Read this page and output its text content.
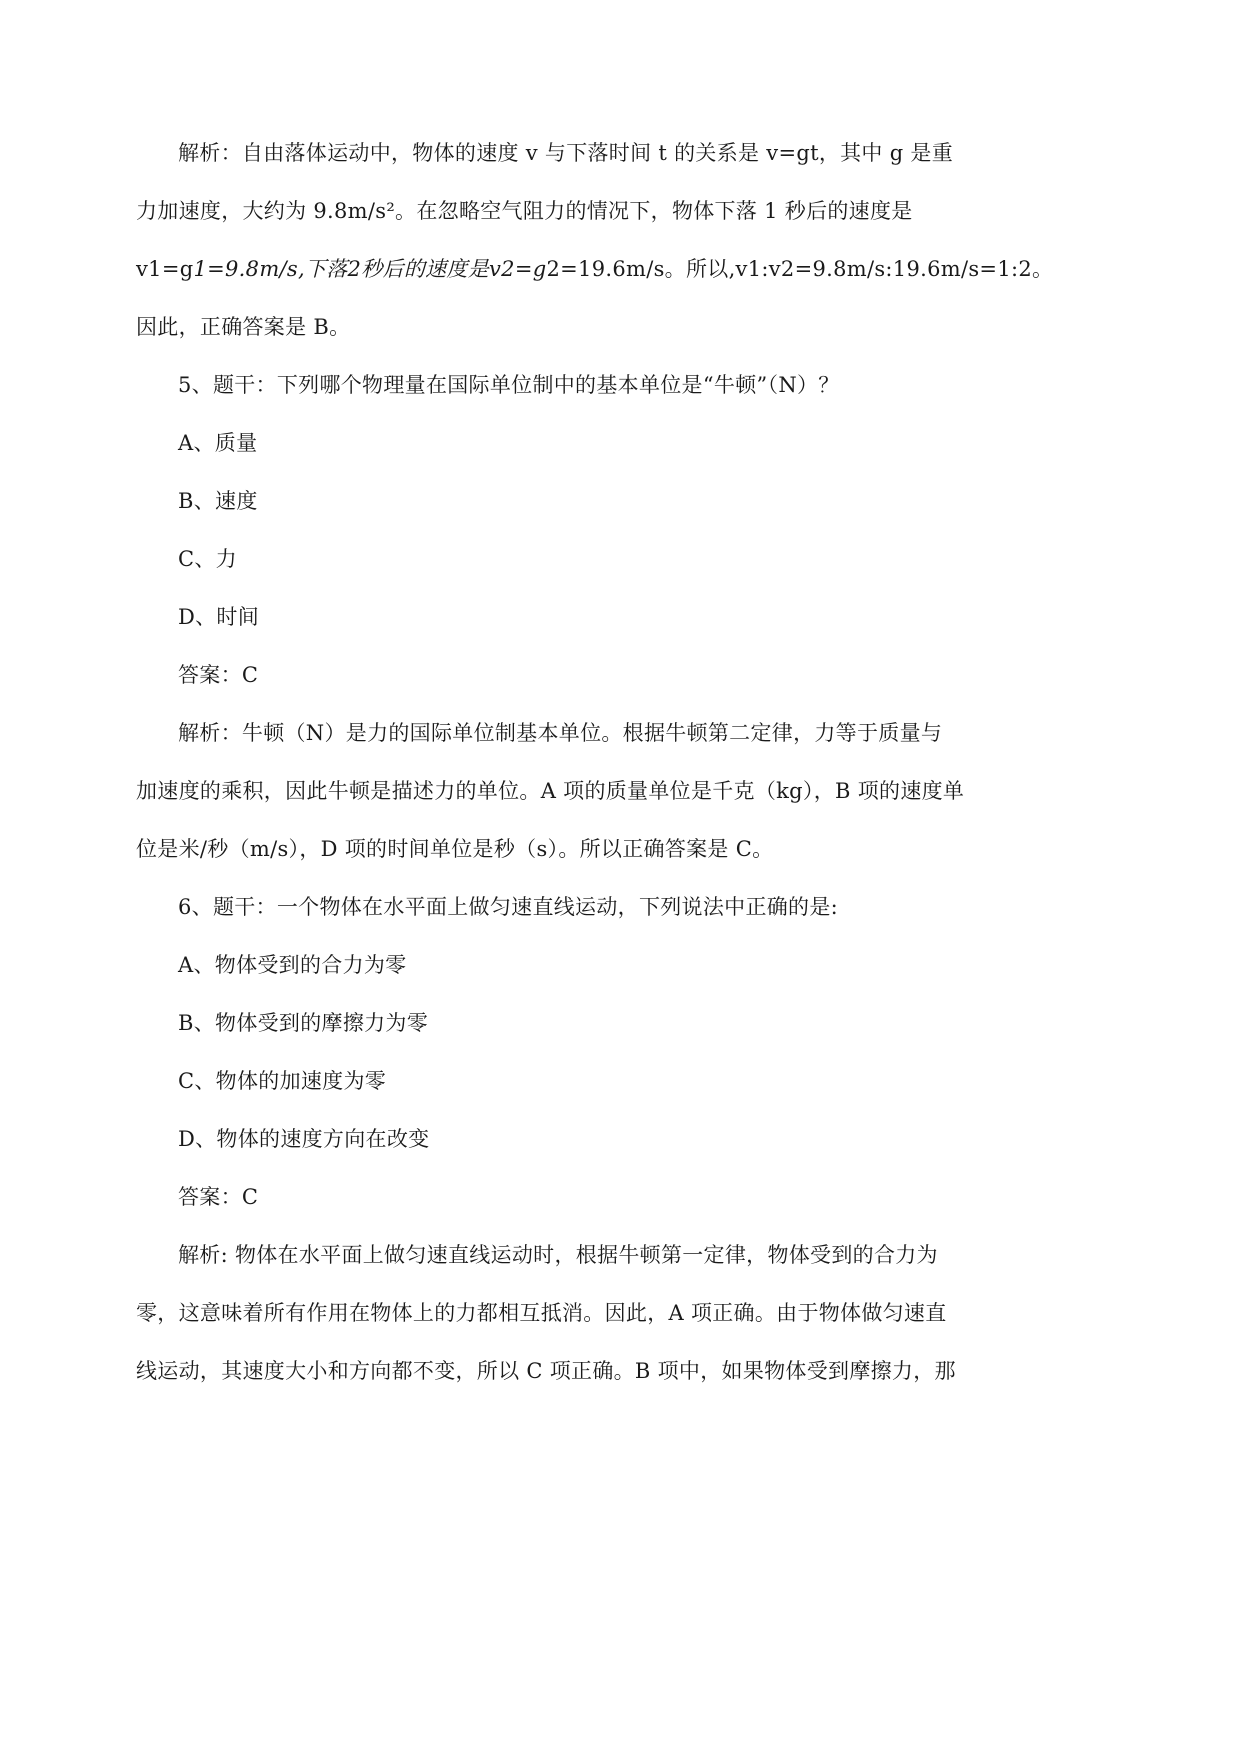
解析：自由落体运动中，物体的速度 v 与下落时间 t 的关系是 v=gt，其中 g 是重
力加速度，大约为 9.8m/s²。在忽略空气阻力的情况下，物体下落 1 秒后的速度是
v1=g1=9.8m/s,下落2秒后的速度是v2=g2=19.6m/s。所以,v1:v2=9.8m/s:19.6m/s=1:2。
因此，正确答案是 B。
5、题干：下列哪个物理量在国际单位制中的基本单位是“牛顿”（N）？
A、质量
B、速度
C、力
D、时间
答案：C
解析：牛顿（N）是力的国际单位制基本单位。根据牛顿第二定律，力等于质量与
加速度的乘积，因此牛顿是描述力的单位。A 项的质量单位是千克（kg），B 项的速度单
位是米/秒（m/s），D 项的时间单位是秒（s）。所以正确答案是 C。
6、题干：一个物体在水平面上做匀速直线运动，下列说法中正确的是:
A、物体受到的合力为零
B、物体受到的摩擦力为零
C、物体的加速度为零
D、物体的速度方向在改变
答案：C
解析: 物体在水平面上做匀速直线运动时，根据牛顿第一定律，物体受到的合力为
零，这意味着所有作用在物体上的力都相互抵消。因此，A 项正确。由于物体做匀速直
线运动，其速度大小和方向都不变，所以 C 项正确。B 项中，如果物体受到摩擦力，那
